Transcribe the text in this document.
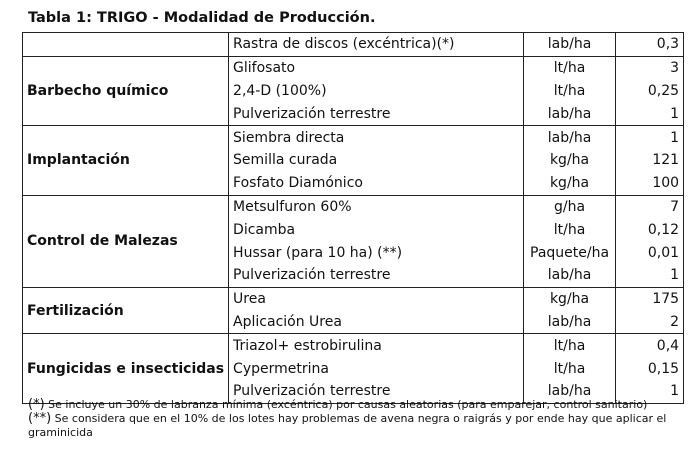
Tabla 1: TRIGO - Modalidad de Producción.
	Rastra de discos (excéntrica)(*)	lab/ha	0,3
Barbecho químico	Glifosato	lt/ha	3
	2,4-D (100%)	lt/ha	0,25
	Pulverización terrestre	lab/ha	1
Implantación	Siembra directa	lab/ha	1
	Semilla curada	kg/ha	121
	Fosfato Diamónico	kg/ha	100
Control de Malezas	Metsulfuron 60%	g/ha	7
	Dicamba	lt/ha	0,12
	Hussar (para 10 ha) (**)	Paquete/ha	0,01
	Pulverización terrestre	lab/ha	1
Fertilización	Urea	kg/ha	175
	Aplicación Urea	lab/ha	2
Fungicidas e insecticidas	Triazol+ estrobirulina	lt/ha	0,4
	Cypermetrina	lt/ha	0,15
	Pulverización terrestre	lab/ha	1
(*) Se incluye un 30% de labranza mínima (excéntrica) por causas aleatorias (para emparejar, control sanitario)
(**) Se considera que en el 10% de los lotes hay problemas de avena negra o raigrás y por ende hay que aplicar el graminicida
